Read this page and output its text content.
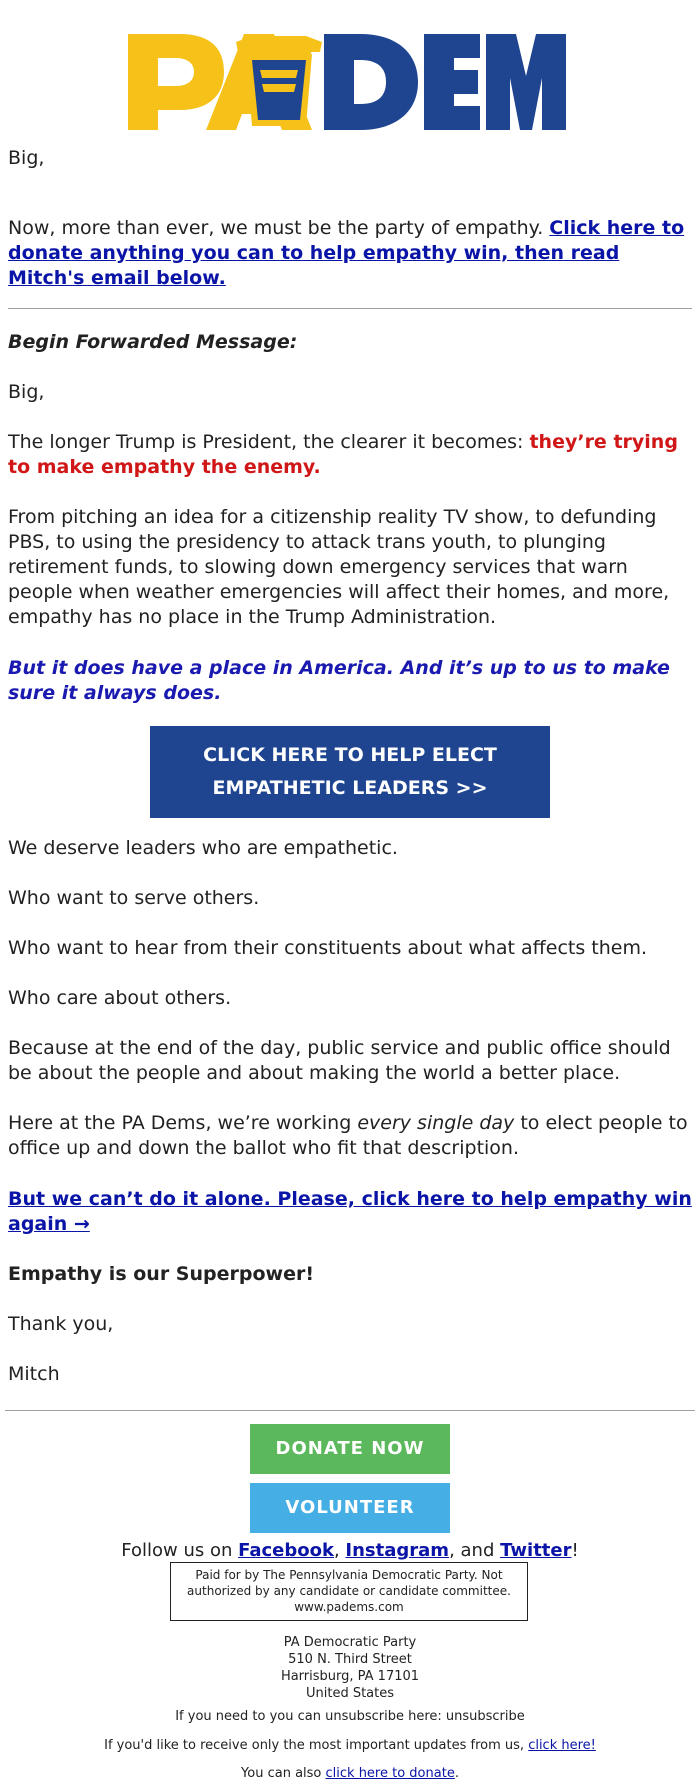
Big,

Now, more than ever, we must be the party of empathy. Click here to donate anything you can to help empathy win, then read Mitch's email below.

Begin Forwarded Message:

Big,

The longer Trump is President, the clearer it becomes: they’re trying to make empathy the enemy.

From pitching an idea for a citizenship reality TV show, to defunding PBS, to using the presidency to attack trans youth, to plunging retirement funds, to slowing down emergency services that warn people when weather emergencies will affect their homes, and more, empathy has no place in the Trump Administration.

But it does have a place in America. And it’s up to us to make sure it always does.

CLICK HERE TO HELP ELECT
EMPATHETIC LEADERS >>

We deserve leaders who are empathetic.

Who want to serve others.

Who want to hear from their constituents about what affects them.

Who care about others.

Because at the end of the day, public service and public office should be about the people and about making the world a better place.

Here at the PA Dems, we’re working every single day to elect people to office up and down the ballot who fit that description.

But we can’t do it alone. Please, click here to help empathy win again →

Empathy is our Superpower!

Thank you,

Mitch

DONATE NOW
VOLUNTEER
Follow us on Facebook, Instagram, and Twitter!
Paid for by The Pennsylvania Democratic Party. Not
authorized by any candidate or candidate committee.
www.padems.com
PA Democratic Party
510 N. Third Street
Harrisburg, PA 17101
United States
If you need to you can unsubscribe here: unsubscribe
If you'd like to receive only the most important updates from us, click here!
You can also click here to donate.
